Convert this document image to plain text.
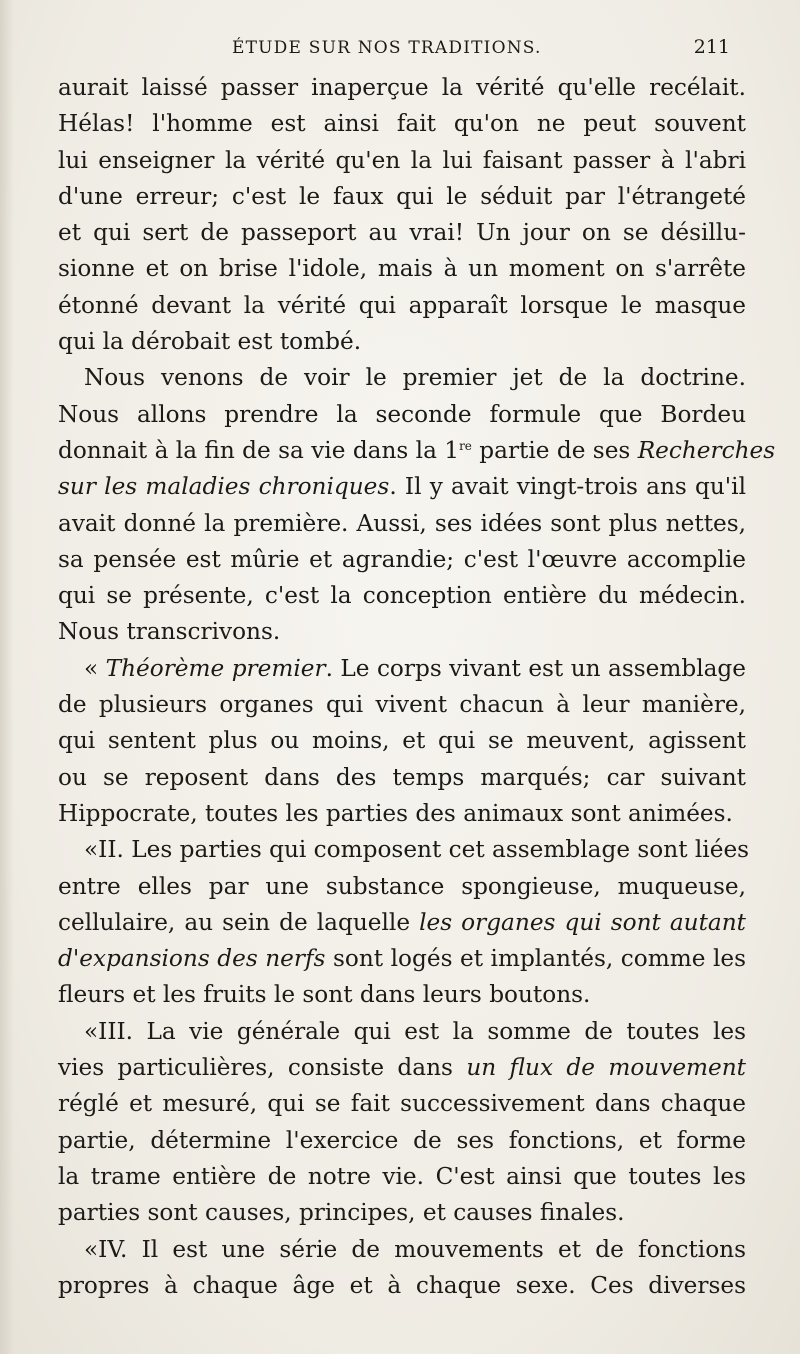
ÉTUDE SUR NOS TRADITIONS.	211

aurait laissé passer inaperçue la vérité qu'elle recélait.
Hélas! l'homme est ainsi fait qu'on ne peut souvent
lui enseigner la vérité qu'en la lui faisant passer à l'abri
d'une erreur; c'est le faux qui le séduit par l'étrangeté
et qui sert de passeport au vrai! Un jour on se désillu-
sionne et on brise l'idole, mais à un moment on s'arrête
étonné devant la vérité qui apparaît lorsque le masque
qui la dérobait est tombé.

Nous venons de voir le premier jet de la doctrine.
Nous allons prendre la seconde formule que Bordeu
donnait à la fin de sa vie dans la 1re partie de ses Recherches
sur les maladies chroniques. Il y avait vingt-trois ans qu'il
avait donné la première. Aussi, ses idées sont plus nettes,
sa pensée est mûrie et agrandie; c'est l'œuvre accomplie
qui se présente, c'est la conception entière du médecin.
Nous transcrivons.

« Théorème premier. Le corps vivant est un assemblage
de plusieurs organes qui vivent chacun à leur manière,
qui sentent plus ou moins, et qui se meuvent, agissent
ou se reposent dans des temps marqués; car suivant
Hippocrate, toutes les parties des animaux sont animées.

«II. Les parties qui composent cet assemblage sont liées
entre elles par une substance spongieuse, muqueuse,
cellulaire, au sein de laquelle les organes qui sont autant
d'expansions des nerfs sont logés et implantés, comme les
fleurs et les fruits le sont dans leurs boutons.

«III. La vie générale qui est la somme de toutes les
vies particulières, consiste dans un flux de mouvement
réglé et mesuré, qui se fait successivement dans chaque
partie, détermine l'exercice de ses fonctions, et forme
la trame entière de notre vie. C'est ainsi que toutes les
parties sont causes, principes, et causes finales.

«IV. Il est une série de mouvements et de fonctions
propres à chaque âge et à chaque sexe. Ces diverses
